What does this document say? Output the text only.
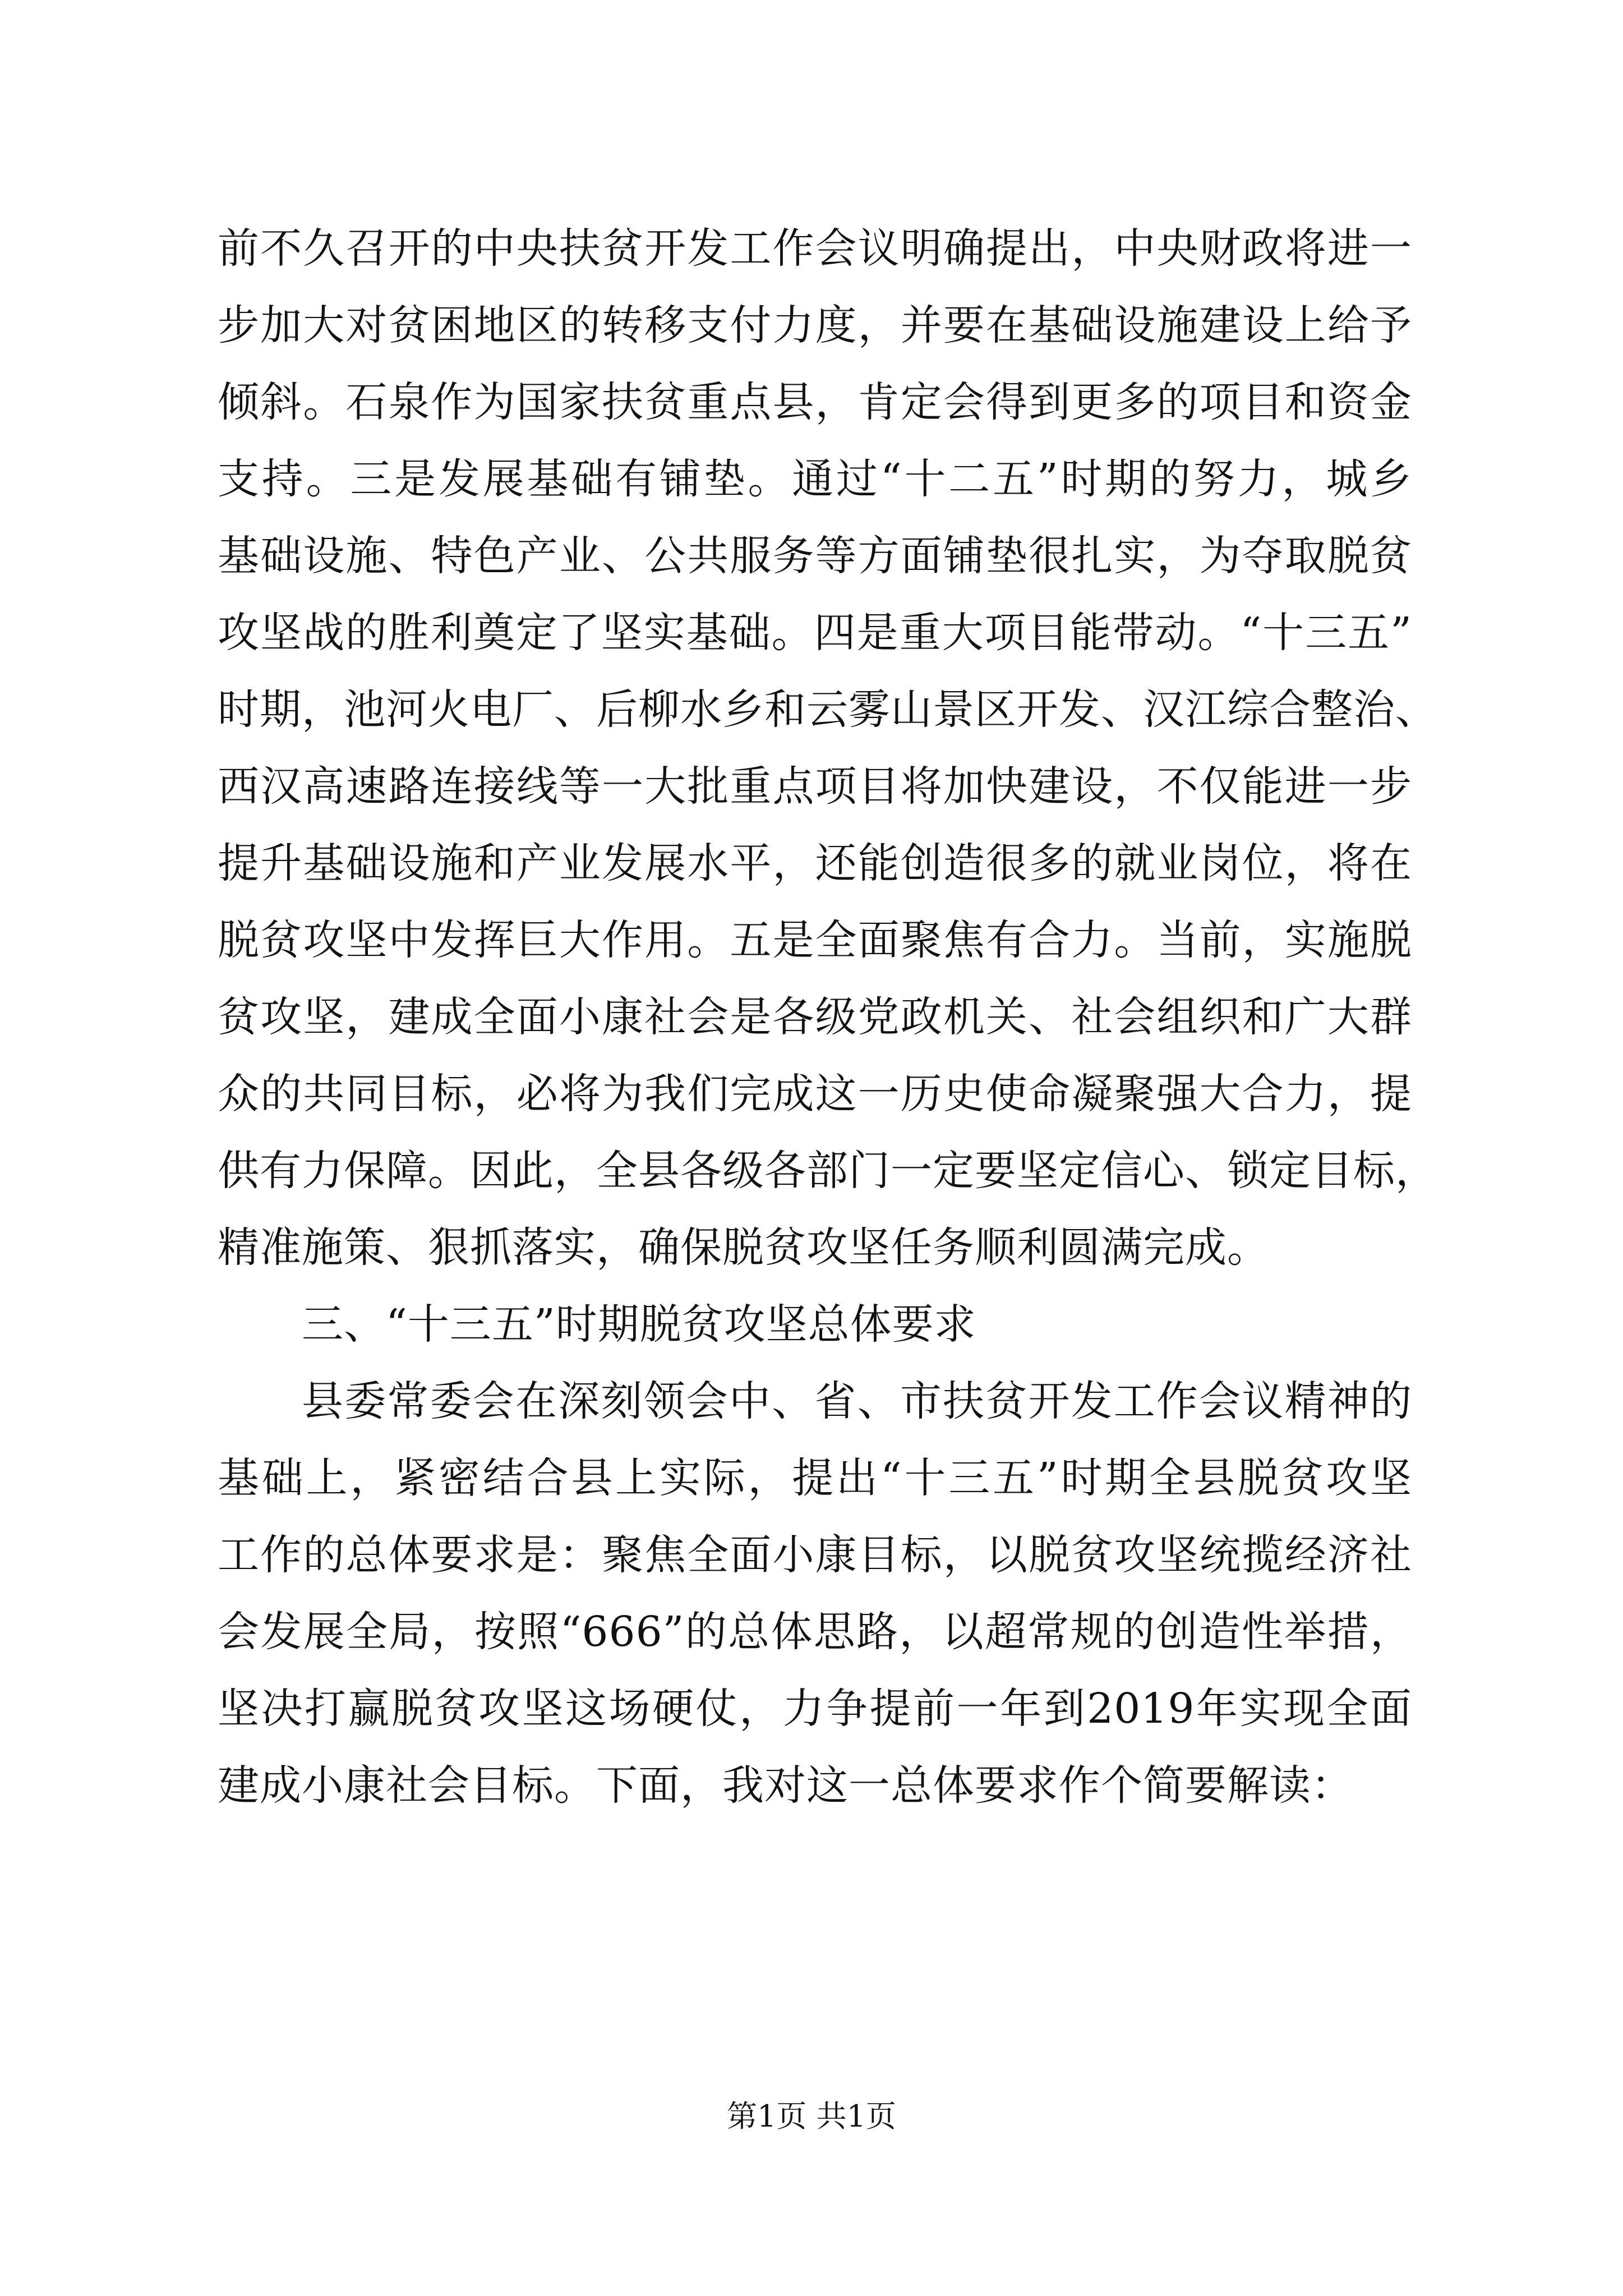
前不久召开的中央扶贫开发工作会议明确提出，中央财政将进一
步加大对贫困地区的转移支付力度，并要在基础设施建设上给予
倾斜。石泉作为国家扶贫重点县，肯定会得到更多的项目和资金
支持。三是发展基础有铺垫。通过“十二五”时期的努力，城乡
基础设施、特色产业、公共服务等方面铺垫很扎实，为夺取脱贫
攻坚战的胜利奠定了坚实基础。四是重大项目能带动。“十三五”
时期，池河火电厂、后柳水乡和云雾山景区开发、汉江综合整治、
西汉高速路连接线等一大批重点项目将加快建设，不仅能进一步
提升基础设施和产业发展水平，还能创造很多的就业岗位，将在
脱贫攻坚中发挥巨大作用。五是全面聚焦有合力。当前，实施脱
贫攻坚，建成全面小康社会是各级党政机关、社会组织和广大群
众的共同目标，必将为我们完成这一历史使命凝聚强大合力，提
供有力保障。因此，全县各级各部门一定要坚定信心、锁定目标，
精准施策、狠抓落实，确保脱贫攻坚任务顺利圆满完成。
三、“十三五”时期脱贫攻坚总体要求
县委常委会在深刻领会中、省、市扶贫开发工作会议精神的
基础上，紧密结合县上实际，提出“十三五”时期全县脱贫攻坚
工作的总体要求是：聚焦全面小康目标，以脱贫攻坚统揽经济社
会发展全局，按照“666”的总体思路，以超常规的创造性举措，
坚决打赢脱贫攻坚这场硬仗，力争提前一年到2019年实现全面
建成小康社会目标。下面，我对这一总体要求作个简要解读：
第1页 共1页
